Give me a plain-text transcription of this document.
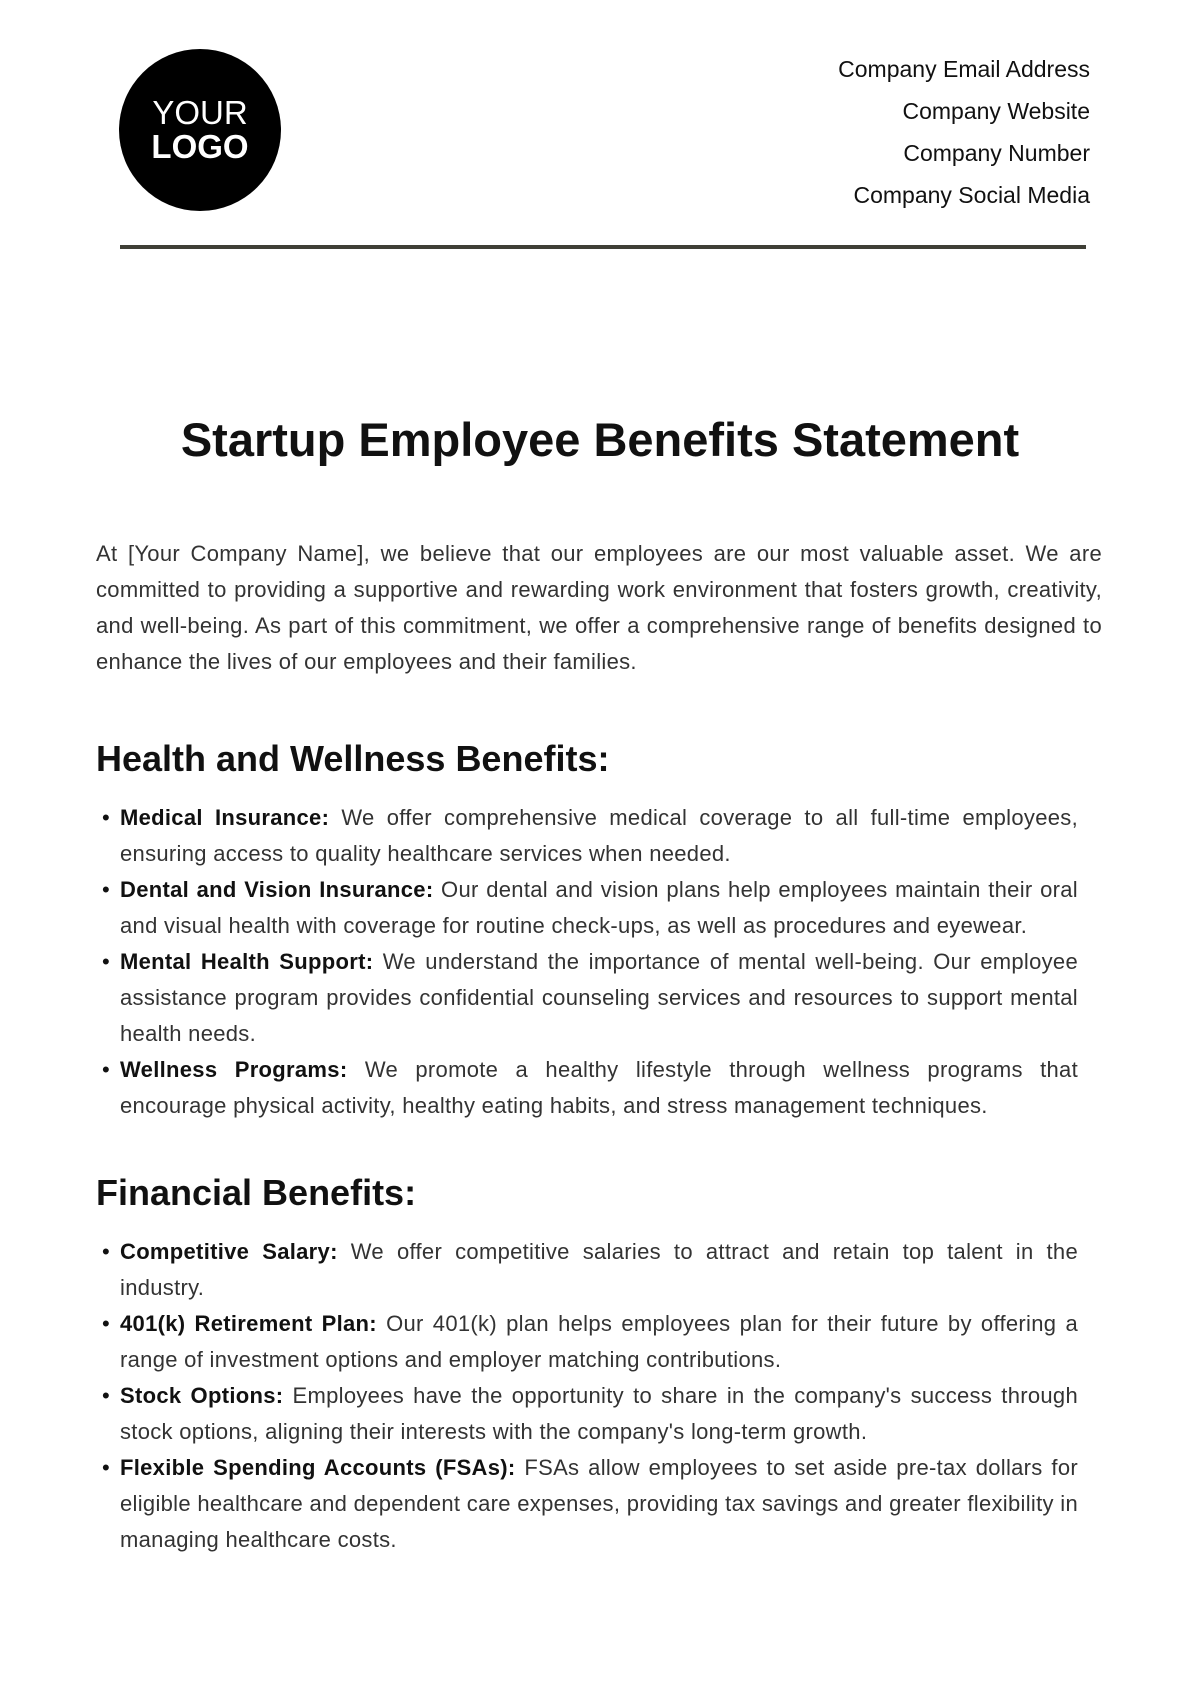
YOUR
LOGO
Company Email Address
Company Website
Company Number
Company Social Media
Startup Employee Benefits Statement

At [Your Company Name], we believe that our employees are our most valuable asset. We are committed to providing a supportive and rewarding work environment that fosters growth, creativity, and well-being. As part of this commitment, we offer a comprehensive range of benefits designed to enhance the lives of our employees and their families.

Health and Wellness Benefits:
• Medical Insurance: We offer comprehensive medical coverage to all full-time employees, ensuring access to quality healthcare services when needed.
• Dental and Vision Insurance: Our dental and vision plans help employees maintain their oral and visual health with coverage for routine check-ups, as well as procedures and eyewear.
• Mental Health Support: We understand the importance of mental well-being. Our employee assistance program provides confidential counseling services and resources to support mental health needs.
• Wellness Programs: We promote a healthy lifestyle through wellness programs that encourage physical activity, healthy eating habits, and stress management techniques.
Financial Benefits:
• Competitive Salary: We offer competitive salaries to attract and retain top talent in the industry.
• 401(k) Retirement Plan: Our 401(k) plan helps employees plan for their future by offering a range of investment options and employer matching contributions.
• Stock Options: Employees have the opportunity to share in the company's success through stock options, aligning their interests with the company's long-term growth.
• Flexible Spending Accounts (FSAs): FSAs allow employees to set aside pre-tax dollars for eligible healthcare and dependent care expenses, providing tax savings and greater flexibility in managing healthcare costs.
